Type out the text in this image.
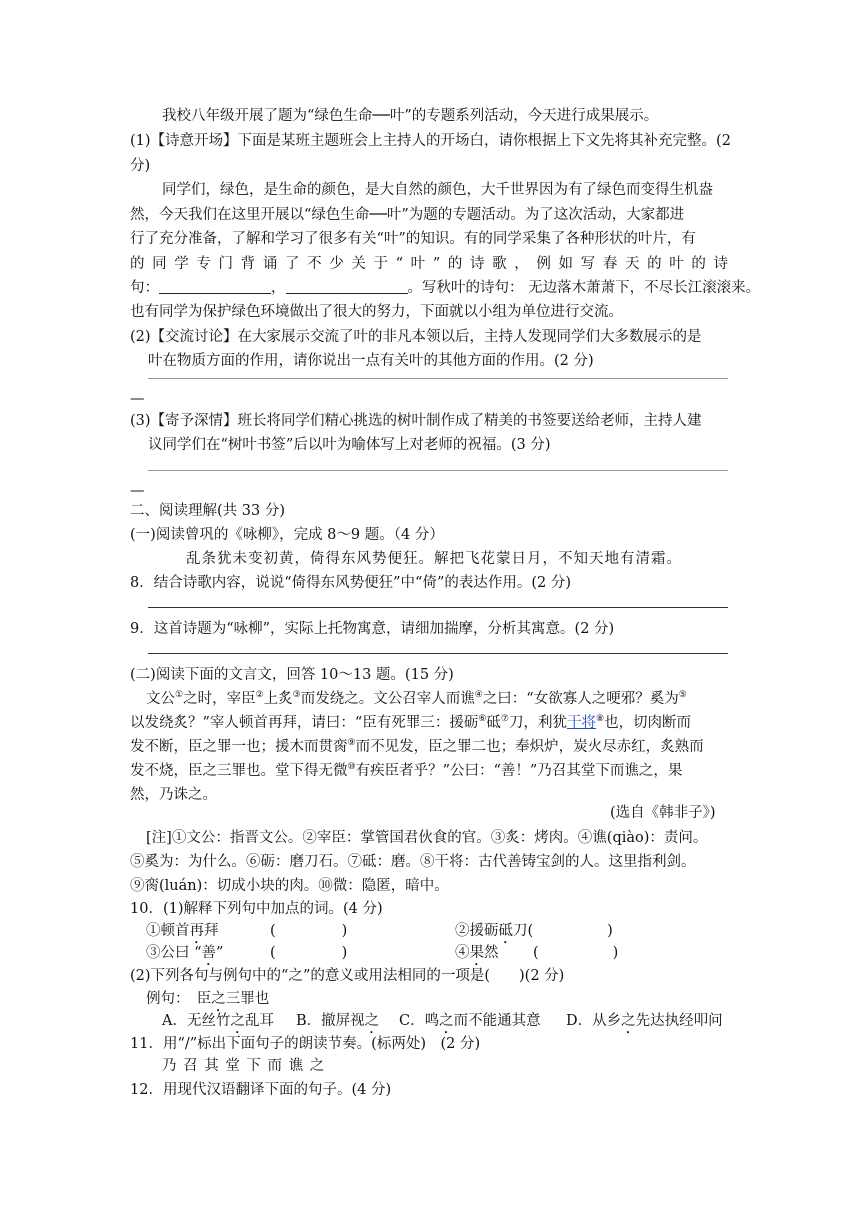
我校八年级开展了题为“绿色生命──叶”的专题系列活动，今天进行成果展示。
(1)【诗意开场】下面是某班主题班会上主持人的开场白，请你根据上下文先将其补充完整。(2
分)
同学们，绿色，是生命的颜色，是大自然的颜色，大千世界因为有了绿色而变得生机盎
然，今天我们在这里开展以“绿色生命──叶”为题的专题活动。为了这次活动，大家都进
行了充分准备，了解和学习了很多有关“叶”的知识。有的同学采集了各种形状的叶片，有
的同学专门背诵了不少关于“叶”的诗歌，例如写春天的叶的诗
句：	，	。写秋叶的诗句： 无边落木萧萧下，不尽长江滚滚来。
也有同学为保护绿色环境做出了很大的努力，下面就以小组为单位进行交流。
(2)【交流讨论】在大家展示交流了叶的非凡本领以后，主持人发现同学们大多数展示的是
叶在物质方面的作用，请你说出一点有关叶的其他方面的作用。(2 分)
—
(3)【寄予深情】班长将同学们精心挑选的树叶制作成了精美的书签要送给老师，主持人建
议同学们在“树叶书签”后以叶为喻体写上对老师的祝福。(3 分)
—
二、阅读理解(共 33 分)
(一)阅读曾巩的《咏柳》，完成 8～9 题。（4 分）
乱条犹未变初黄，倚得东风势便狂。解把飞花蒙日月，不知天地有清霜。
8．结合诗歌内容，说说“倚得东风势便狂”中“倚”的表达作用。(2 分)
9．这首诗题为“咏柳”，实际上托物寓意，请细加揣摩，分析其寓意。(2 分)
(二)阅读下面的文言文，回答 10～13 题。(15 分)
文公①之时，宰臣②上炙③而发绕之。文公召宰人而谯④之曰：“女欲寡人之哽邪？奚为⑤
以发绕炙？”宰人顿首再拜，请曰：“臣有死罪三：援砺⑥砥⑦刀，利犹干将⑧也，切肉断而
发不断，臣之罪一也；援木而贯脔⑨而不见发，臣之罪二也；奉炽炉，炭火尽赤红，炙熟而
发不烧，臣之三罪也。堂下得无微⑩有疾臣者乎？”公曰：“善！”乃召其堂下而谯之，果
然，乃诛之。
(选自《韩非子》)
[注]①文公：指晋文公。②宰臣：掌管国君伙食的官。③炙：烤肉。④谯(qiào)：责问。
⑤奚为：为什么。⑥砺：磨刀石。⑦砥：磨。⑧干将：古代善铸宝剑的人。这里指利剑。
⑨脔(luán)：切成小块的肉。⑩微：隐匿，暗中。
10．(1)解释下列句中加点的词。(4 分)
①顿首再拜	(	)	②援砺砥刀(	)
③公曰 “善”	(	)	④果然 (	)
(2)下列各句与例句中的“之”的意义或用法相同的一项是(　　)(2 分)
例句：　 臣之三罪也
A．无丝竹之乱耳 B．撤屏视之 C．鸣之而不能通其意 D．从乡之先达执经叩问
11．用“/”标出下面句子的朗读节奏。(标两处)　(2 分)
乃 召 其 堂 下 而 谯 之
12．用现代汉语翻译下面的句子。(4 分)
